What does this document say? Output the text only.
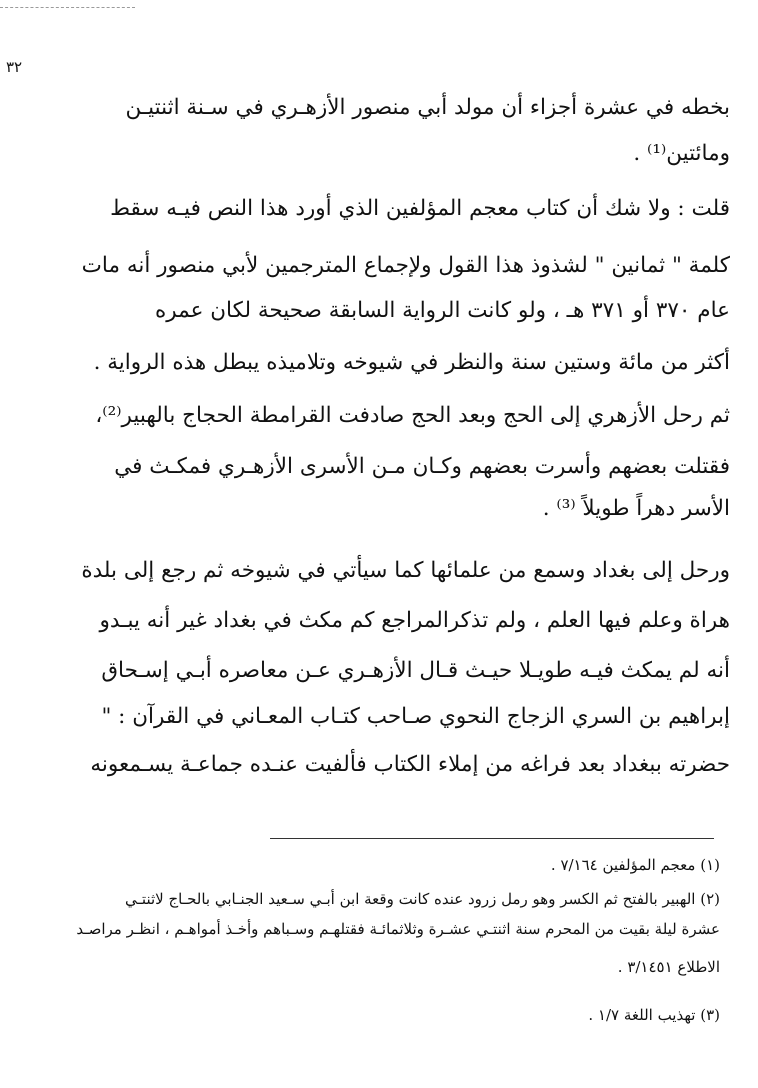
٣٢
بخطه في عشرة أجزاء أن مولد أبي منصور الأزهـري في سـنة اثنتيـن
ومائتين⁽¹⁾ .
قلت : ولا شك أن كتاب معجم المؤلفين الذي أورد هذا النص فيـه سقط
كلمة " ثمانين " لشذوذ هذا القول ولإجماع المترجمين لأبي منصور أنه مات
عام ٣٧٠ أو ٣٧١ هـ ، ولو كانت الرواية السابقة صحيحة لكان عمره
أكثر من مائة وستين سنة والنظر في شيوخه وتلاميذه يبطل هذه الرواية .
ثم رحل الأزهري إلى الحج وبعد الحج صادفت القرامطة الحجاج بالهبير⁽²⁾،
فقتلت بعضهم وأسرت بعضهم وكـان مـن الأسرى الأزهـري فمكـث في
الأسر دهراً طويلاً ⁽³⁾ .
ورحل إلى بغداد وسمع من علمائها كما سيأتي في شيوخه ثم رجع إلى بلدة
هراة وعلم فيها العلم ، ولم تذكرالمراجع كم مكث في بغداد غير أنه يبـدو
أنه لم يمكث فيـه طويـلا حيـث قـال الأزهـري عـن معاصره أبـي إسـحاق
إبراهيم بن السري الزجاج النحوي صـاحب كتـاب المعـاني في القرآن : "
حضرته ببغداد بعد فراغه من إملاء الكتاب فألفيت عنـده جماعـة يسـمعونه
(١) معجم المؤلفين ٧/١٦٤ .
(٢) الهبير بالفتح ثم الكسر وهو رمل زرود عنده كانت وقعة ابن أبـي سـعيد الجنـابي بالحـاج لاثنتـي
عشرة ليلة بقيت من المحرم سنة اثنتـي عشـرة وثلاثمائـة فقتلهـم وسـباهم وأخـذ أمواهـم ، انظـر مراصـد
الاطلاع ٣/١٤٥١ .
(٣) تهذيب اللغة ١/٧ .
